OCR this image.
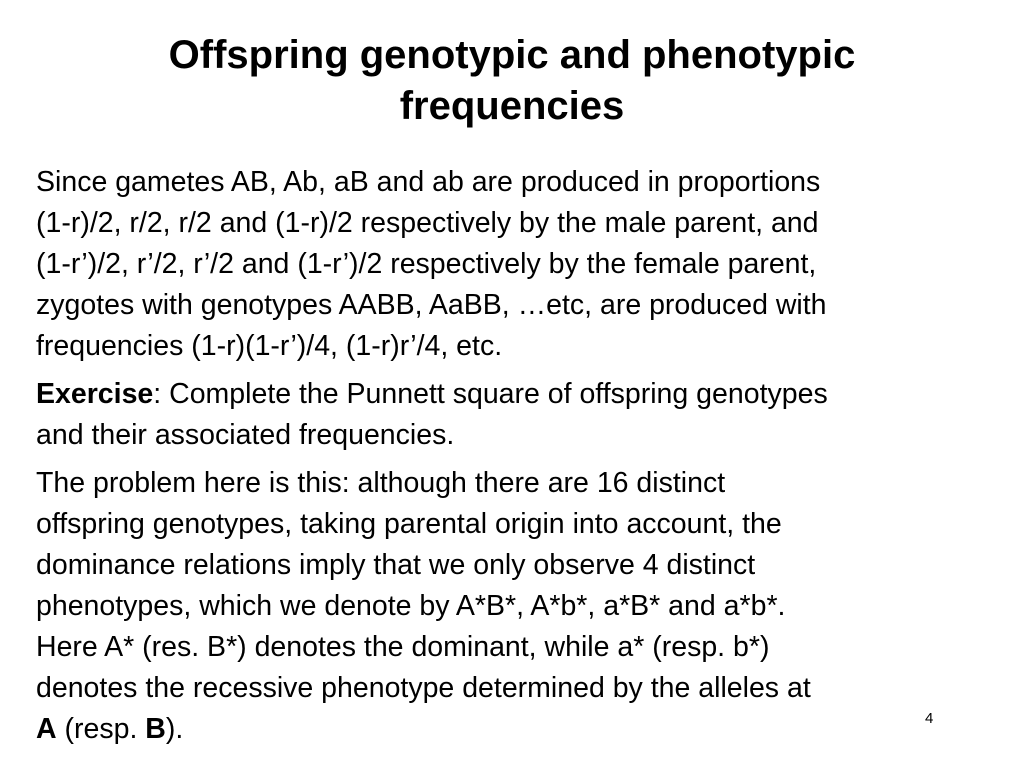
Offspring genotypic and phenotypic
frequencies

Since gametes AB, Ab, aB and ab are produced in proportions
(1-r)/2, r/2, r/2 and (1-r)/2 respectively by the male parent, and
(1-r’)/2, r’/2, r’/2 and (1-r’)/2 respectively by the female parent,
zygotes with genotypes AABB, AaBB, …etc, are produced with
frequencies (1-r)(1-r’)/4, (1-r)r’/4, etc.

Exercise: Complete the Punnett square of offspring genotypes
and their associated frequencies.

The problem here is this: although there are 16 distinct
offspring genotypes, taking parental origin into account, the
dominance relations imply that we only observe 4 distinct
phenotypes, which we denote by A*B*, A*b*, a*B* and a*b*.
Here A* (res. B*) denotes the dominant, while a* (resp. b*)
denotes the recessive phenotype determined by the alleles at
A (resp. B).	4
